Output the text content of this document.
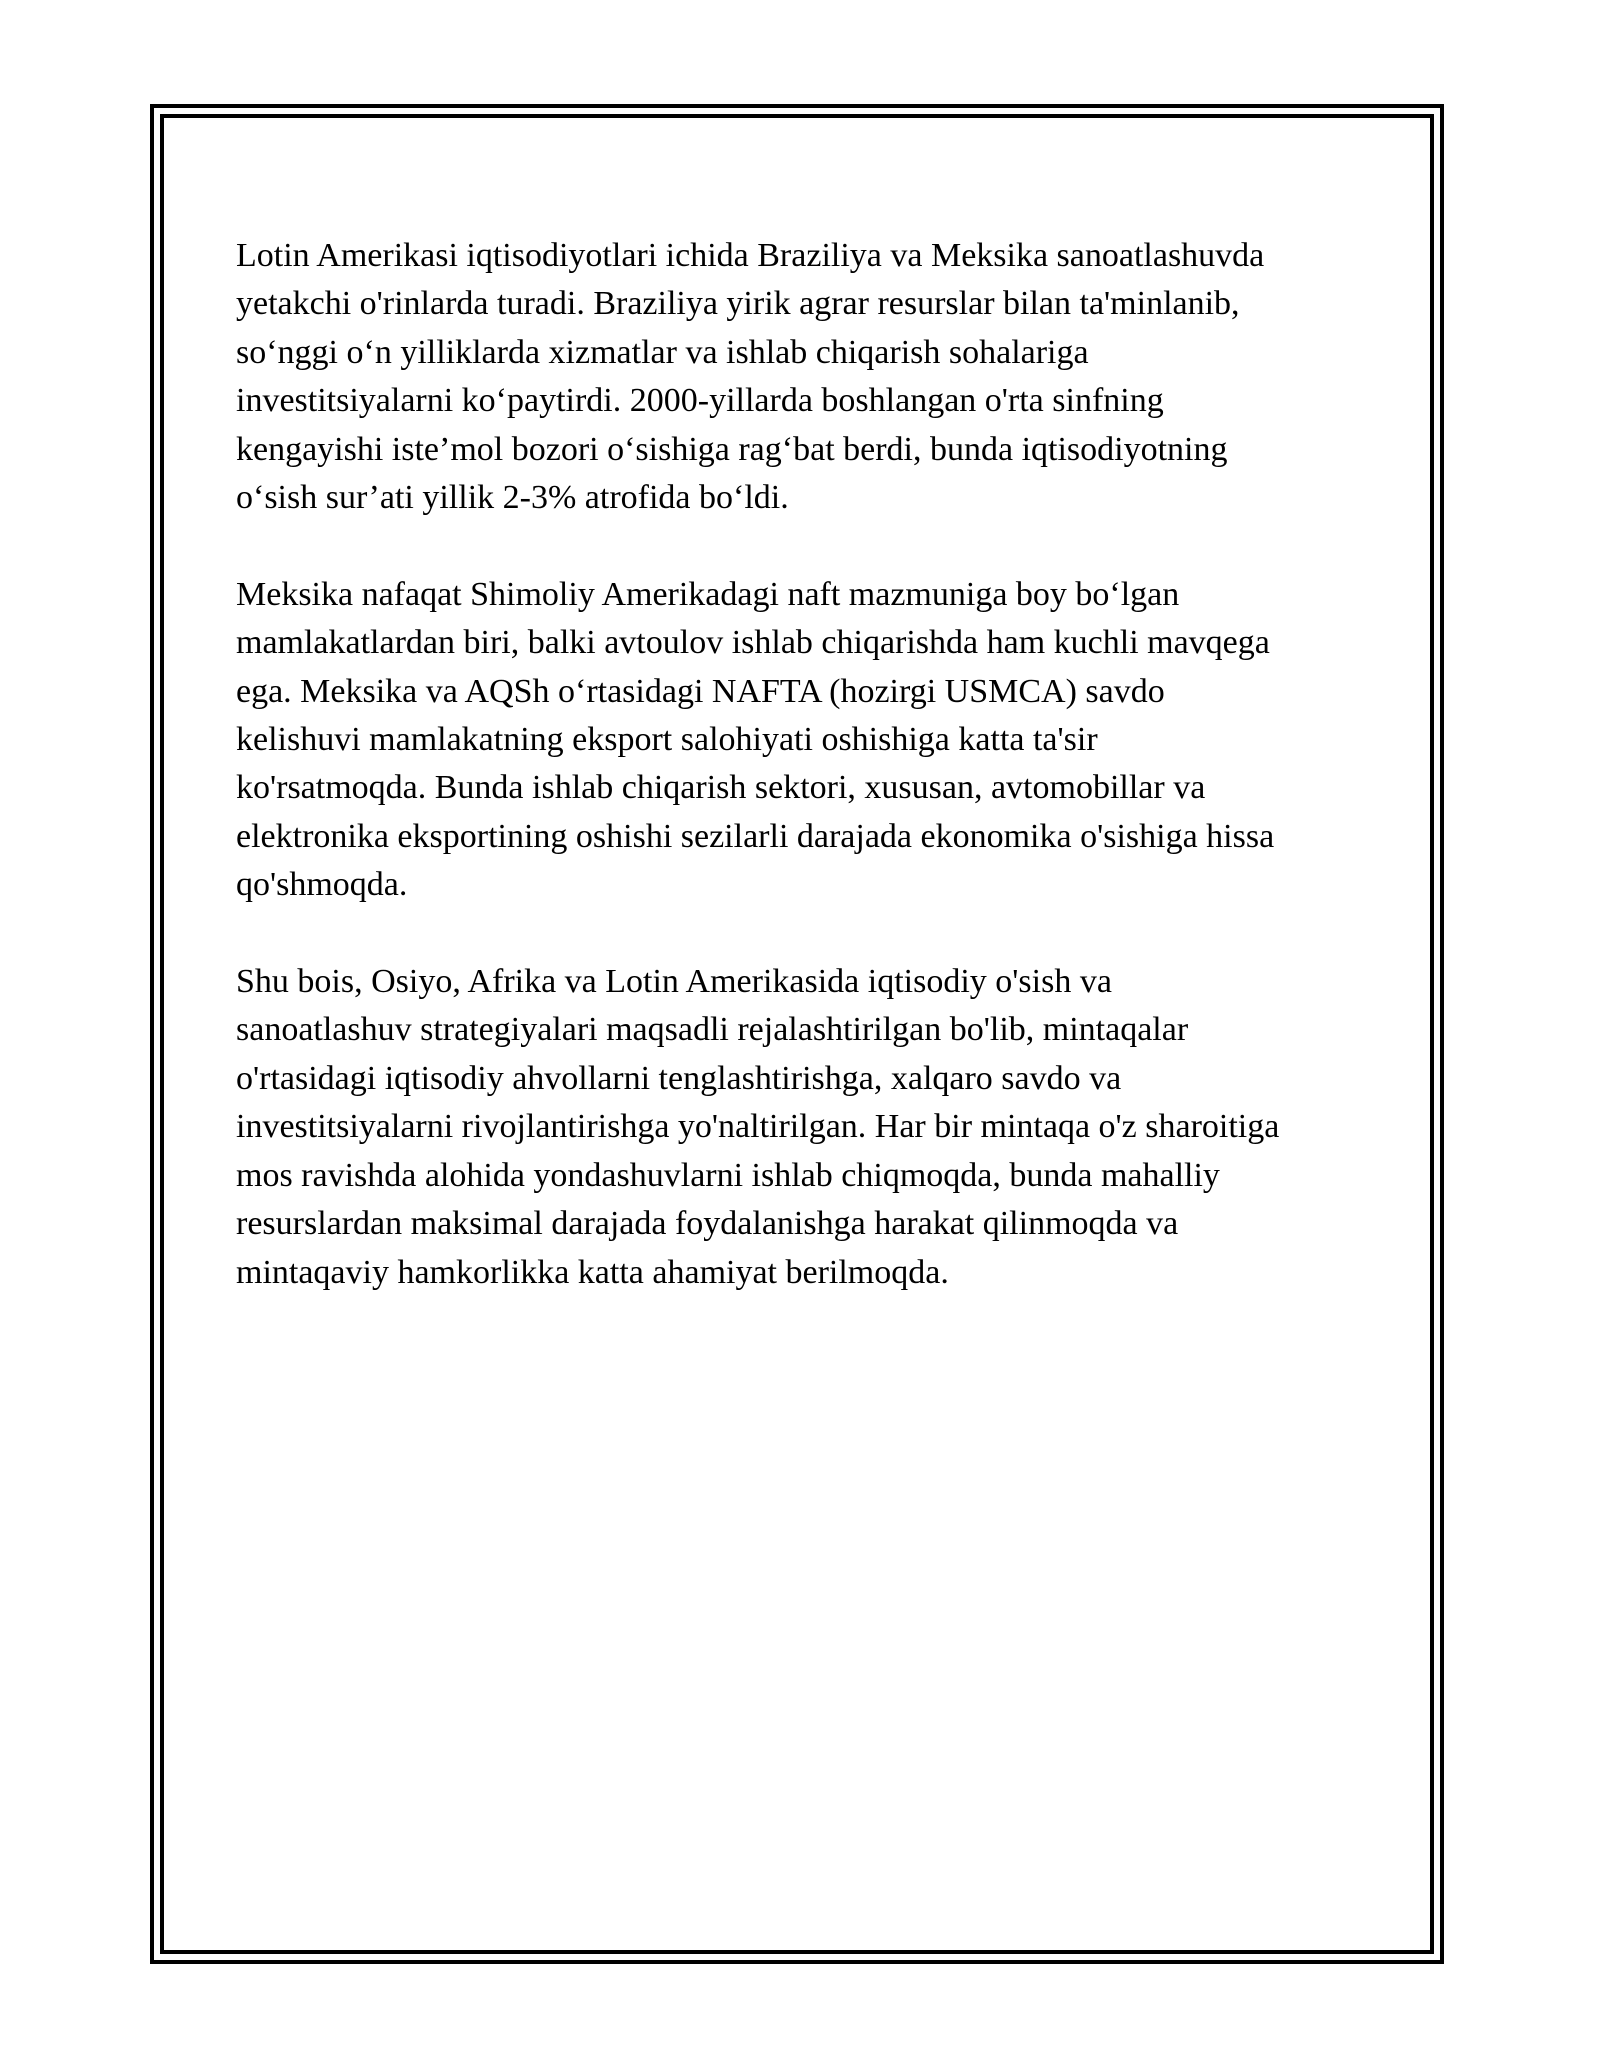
Lotin Amerikasi iqtisodiyotlari ichida Braziliya va Meksika sanoatlashuvda
yetakchi o'rinlarda turadi. Braziliya yirik agrar resurslar bilan ta'minlanib,
so‘nggi o‘n yilliklarda xizmatlar va ishlab chiqarish sohalariga
investitsiyalarni ko‘paytirdi. 2000-yillarda boshlangan o'rta sinfning
kengayishi iste’mol bozori o‘sishiga rag‘bat berdi, bunda iqtisodiyotning
o‘sish sur’ati yillik 2-3% atrofida bo‘ldi.

Meksika nafaqat Shimoliy Amerikadagi naft mazmuniga boy bo‘lgan
mamlakatlardan biri, balki avtoulov ishlab chiqarishda ham kuchli mavqega
ega. Meksika va AQSh o‘rtasidagi NAFTA (hozirgi USMCA) savdo
kelishuvi mamlakatning eksport salohiyati oshishiga katta ta'sir
ko'rsatmoqda. Bunda ishlab chiqarish sektori, xususan, avtomobillar va
elektronika eksportining oshishi sezilarli darajada ekonomika o'sishiga hissa
qo'shmoqda.

Shu bois, Osiyo, Afrika va Lotin Amerikasida iqtisodiy o'sish va
sanoatlashuv strategiyalari maqsadli rejalashtirilgan bo'lib, mintaqalar
o'rtasidagi iqtisodiy ahvollarni tenglashtirishga, xalqaro savdo va
investitsiyalarni rivojlantirishga yo'naltirilgan. Har bir mintaqa o'z sharoitiga
mos ravishda alohida yondashuvlarni ishlab chiqmoqda, bunda mahalliy
resurslardan maksimal darajada foydalanishga harakat qilinmoqda va
mintaqaviy hamkorlikka katta ahamiyat berilmoqda.
